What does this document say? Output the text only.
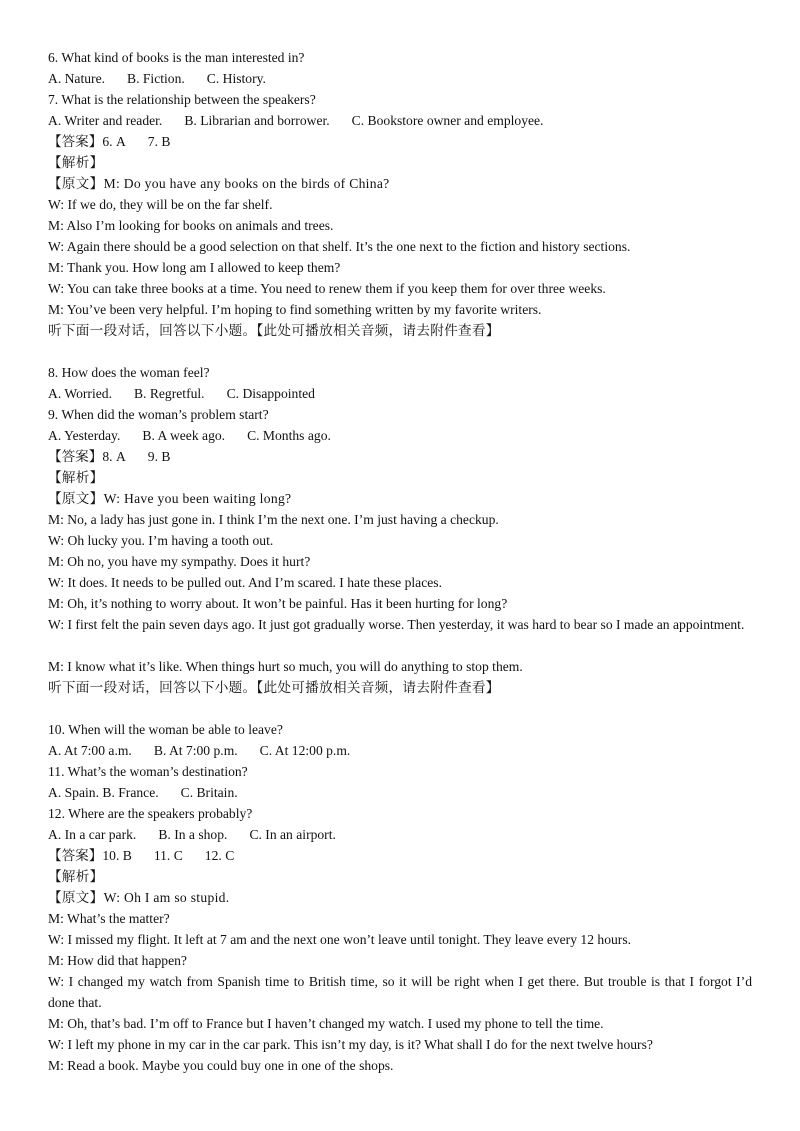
6. What kind of books is the man interested in?
A. Nature. B. Fiction. C. History.
7. What is the relationship between the speakers?
A. Writer and reader. B. Librarian and borrower. C. Bookstore owner and employee.
【答案】6. A 7. B
【解析】
【原文】M: Do you have any books on the birds of China?
W: If we do, they will be on the far shelf.
M: Also I’m looking for books on animals and trees.
W: Again there should be a good selection on that shelf. It’s the one next to the fiction and history sections.
M: Thank you. How long am I allowed to keep them?
W: You can take three books at a time. You need to renew them if you keep them for over three weeks.
M: You’ve been very helpful. I’m hoping to find something written by my favorite writers.
听下面一段对话，回答以下小题。【此处可播放相关音频，请去附件查看】
8. How does the woman feel?
A. Worried. B. Regretful. C. Disappointed
9. When did the woman’s problem start?
A. Yesterday. B. A week ago. C. Months ago.
【答案】8. A 9. B
【解析】
【原文】W: Have you been waiting long?
M: No, a lady has just gone in. I think I’m the next one. I’m just having a checkup.
W: Oh lucky you. I’m having a tooth out.
M: Oh no, you have my sympathy. Does it hurt?
W: It does. It needs to be pulled out. And I’m scared. I hate these places.
M: Oh, it’s nothing to worry about. It won’t be painful. Has it been hurting for long?
W: I first felt the pain seven days ago. It just got gradually worse. Then yesterday, it was hard to bear so I made an appointment.
M: I know what it’s like. When things hurt so much, you will do anything to stop them.
听下面一段对话，回答以下小题。【此处可播放相关音频，请去附件查看】
10. When will the woman be able to leave?
A. At 7:00 a.m. B. At 7:00 p.m. C. At 12:00 p.m.
11. What’s the woman’s destination?
A. Spain. B. France. C. Britain.
12. Where are the speakers probably?
A. In a car park. B. In a shop. C. In an airport.
【答案】10. B 11. C 12. C
【解析】
【原文】W: Oh I am so stupid.
M: What’s the matter?
W: I missed my flight. It left at 7 am and the next one won’t leave until tonight. They leave every 12 hours.
M: How did that happen?
W: I changed my watch from Spanish time to British time, so it will be right when I get there. But trouble is that I forgot I’d done that.
M: Oh, that’s bad. I’m off to France but I haven’t changed my watch. I used my phone to tell the time.
W: I left my phone in my car in the car park. This isn’t my day, is it? What shall I do for the next twelve hours?
M: Read a book. Maybe you could buy one in one of the shops.
